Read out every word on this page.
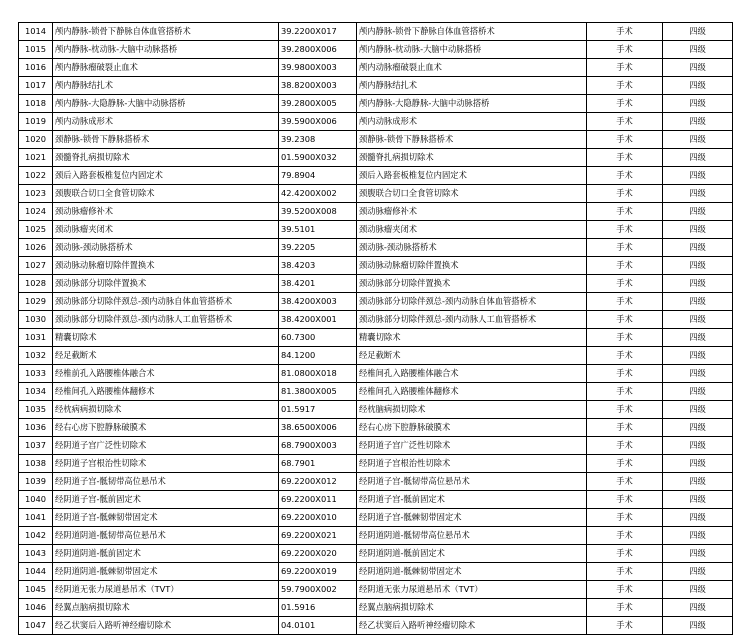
1014	颅内静脉-锁骨下静脉自体血管搭桥术	39.2200X017	颅内静脉-锁骨下静脉自体血管搭桥术	手术	四级
1015	颅内静脉-枕动脉-大脑中动脉搭桥	39.2800X006	颅内静脉-枕动脉-大脑中动脉搭桥	手术	四级
1016	颅内静脉瘤破裂止血术	39.9800X003	颅内动脉瘤破裂止血术	手术	四级
1017	颅内静脉结扎术	38.8200X003	颅内静脉结扎术	手术	四级
1018	颅内静脉-大隐静脉-大脑中动脉搭桥	39.2800X005	颅内静脉-大隐静脉-大脑中动脉搭桥	手术	四级
1019	颅内动脉成形术	39.5900X006	颅内动脉成形术	手术	四级
1020	颈静脉-锁骨下静脉搭桥术	39.2308	颈静脉-锁骨下静脉搭桥术	手术	四级
1021	颈髓脊扎病损切除术	01.5900X032	颈髓脊扎病损切除术	手术	四级
1022	颈后入路套板椎复位内固定术	79.8904	颈后入路套板椎复位内固定术	手术	四级
1023	颈腹联合切口全食管切除术	42.4200X002	颈腹联合切口全食管切除术	手术	四级
1024	颈动脉瘤修补术	39.5200X008	颈动脉瘤修补术	手术	四级
1025	颈动脉瘤夹闭术	39.5101	颈动脉瘤夹闭术	手术	四级
1026	颈动脉-颈动脉搭桥术	39.2205	颈动脉-颈动脉搭桥术	手术	四级
1027	颈动脉动脉瘤切除伴置换术	38.4203	颈动脉动脉瘤切除伴置换术	手术	四级
1028	颈动脉部分切除伴置换术	38.4201	颈动脉部分切除伴置换术	手术	四级
1029	颈动脉部分切除伴颈总-颈内动脉自体血管搭桥术	38.4200X003	颈动脉部分切除伴颈总-颈内动脉自体血管搭桥术	手术	四级
1030	颈动脉部分切除伴颈总-颈内动脉人工血管搭桥术	38.4200X001	颈动脉部分切除伴颈总-颈内动脉人工血管搭桥术	手术	四级
1031	精囊切除术	60.7300	精囊切除术	手术	四级
1032	经足截断术	84.1200	经足截断术	手术	四级
1033	经椎前孔入路腰椎体融合术	81.0800X018	经椎间孔入路腰椎体融合术	手术	四级
1034	经椎间孔入路腰椎体翻修术	81.3800X005	经椎间孔入路腰椎体翻修术	手术	四级
1035	经枕病病损切除术	01.5917	经枕脑病损切除术	手术	四级
1036	经右心房下腔静脉破膜术	38.6500X006	经右心房下腔静脉破膜术	手术	四级
1037	经阴道子宫广泛性切除术	68.7900X003	经阴道子宫广泛性切除术	手术	四级
1038	经阴道子宫根治性切除术	68.7901	经阴道子宫根治性切除术	手术	四级
1039	经阴道子宫-骶韧带高位悬吊术	69.2200X012	经阴道子宫-骶韧带高位悬吊术	手术	四级
1040	经阴道子宫-骶前固定术	69.2200X011	经阴道子宫-骶前固定术	手术	四级
1041	经阴道子宫-骶棘韧带固定术	69.2200X010	经阴道子宫-骶棘韧带固定术	手术	四级
1042	经阴道阴道-骶韧带高位悬吊术	69.2200X021	经阴道阴道-骶韧带高位悬吊术	手术	四级
1043	经阴道阴道-骶前固定术	69.2200X020	经阴道阴道-骶前固定术	手术	四级
1044	经阴道阴道-骶棘韧带固定术	69.2200X019	经阴道阴道-骶棘韧带固定术	手术	四级
1045	经阴道无张力尿道悬吊术（TVT）	59.7900X002	经阴道无张力尿道悬吊术（TVT）	手术	四级
1046	经翼点脑病损切除术	01.5916	经翼点脑病损切除术	手术	四级
1047	经乙状窦后入路听神经瘤切除术	04.0101	经乙状窦后入路听神经瘤切除术	手术	四级
